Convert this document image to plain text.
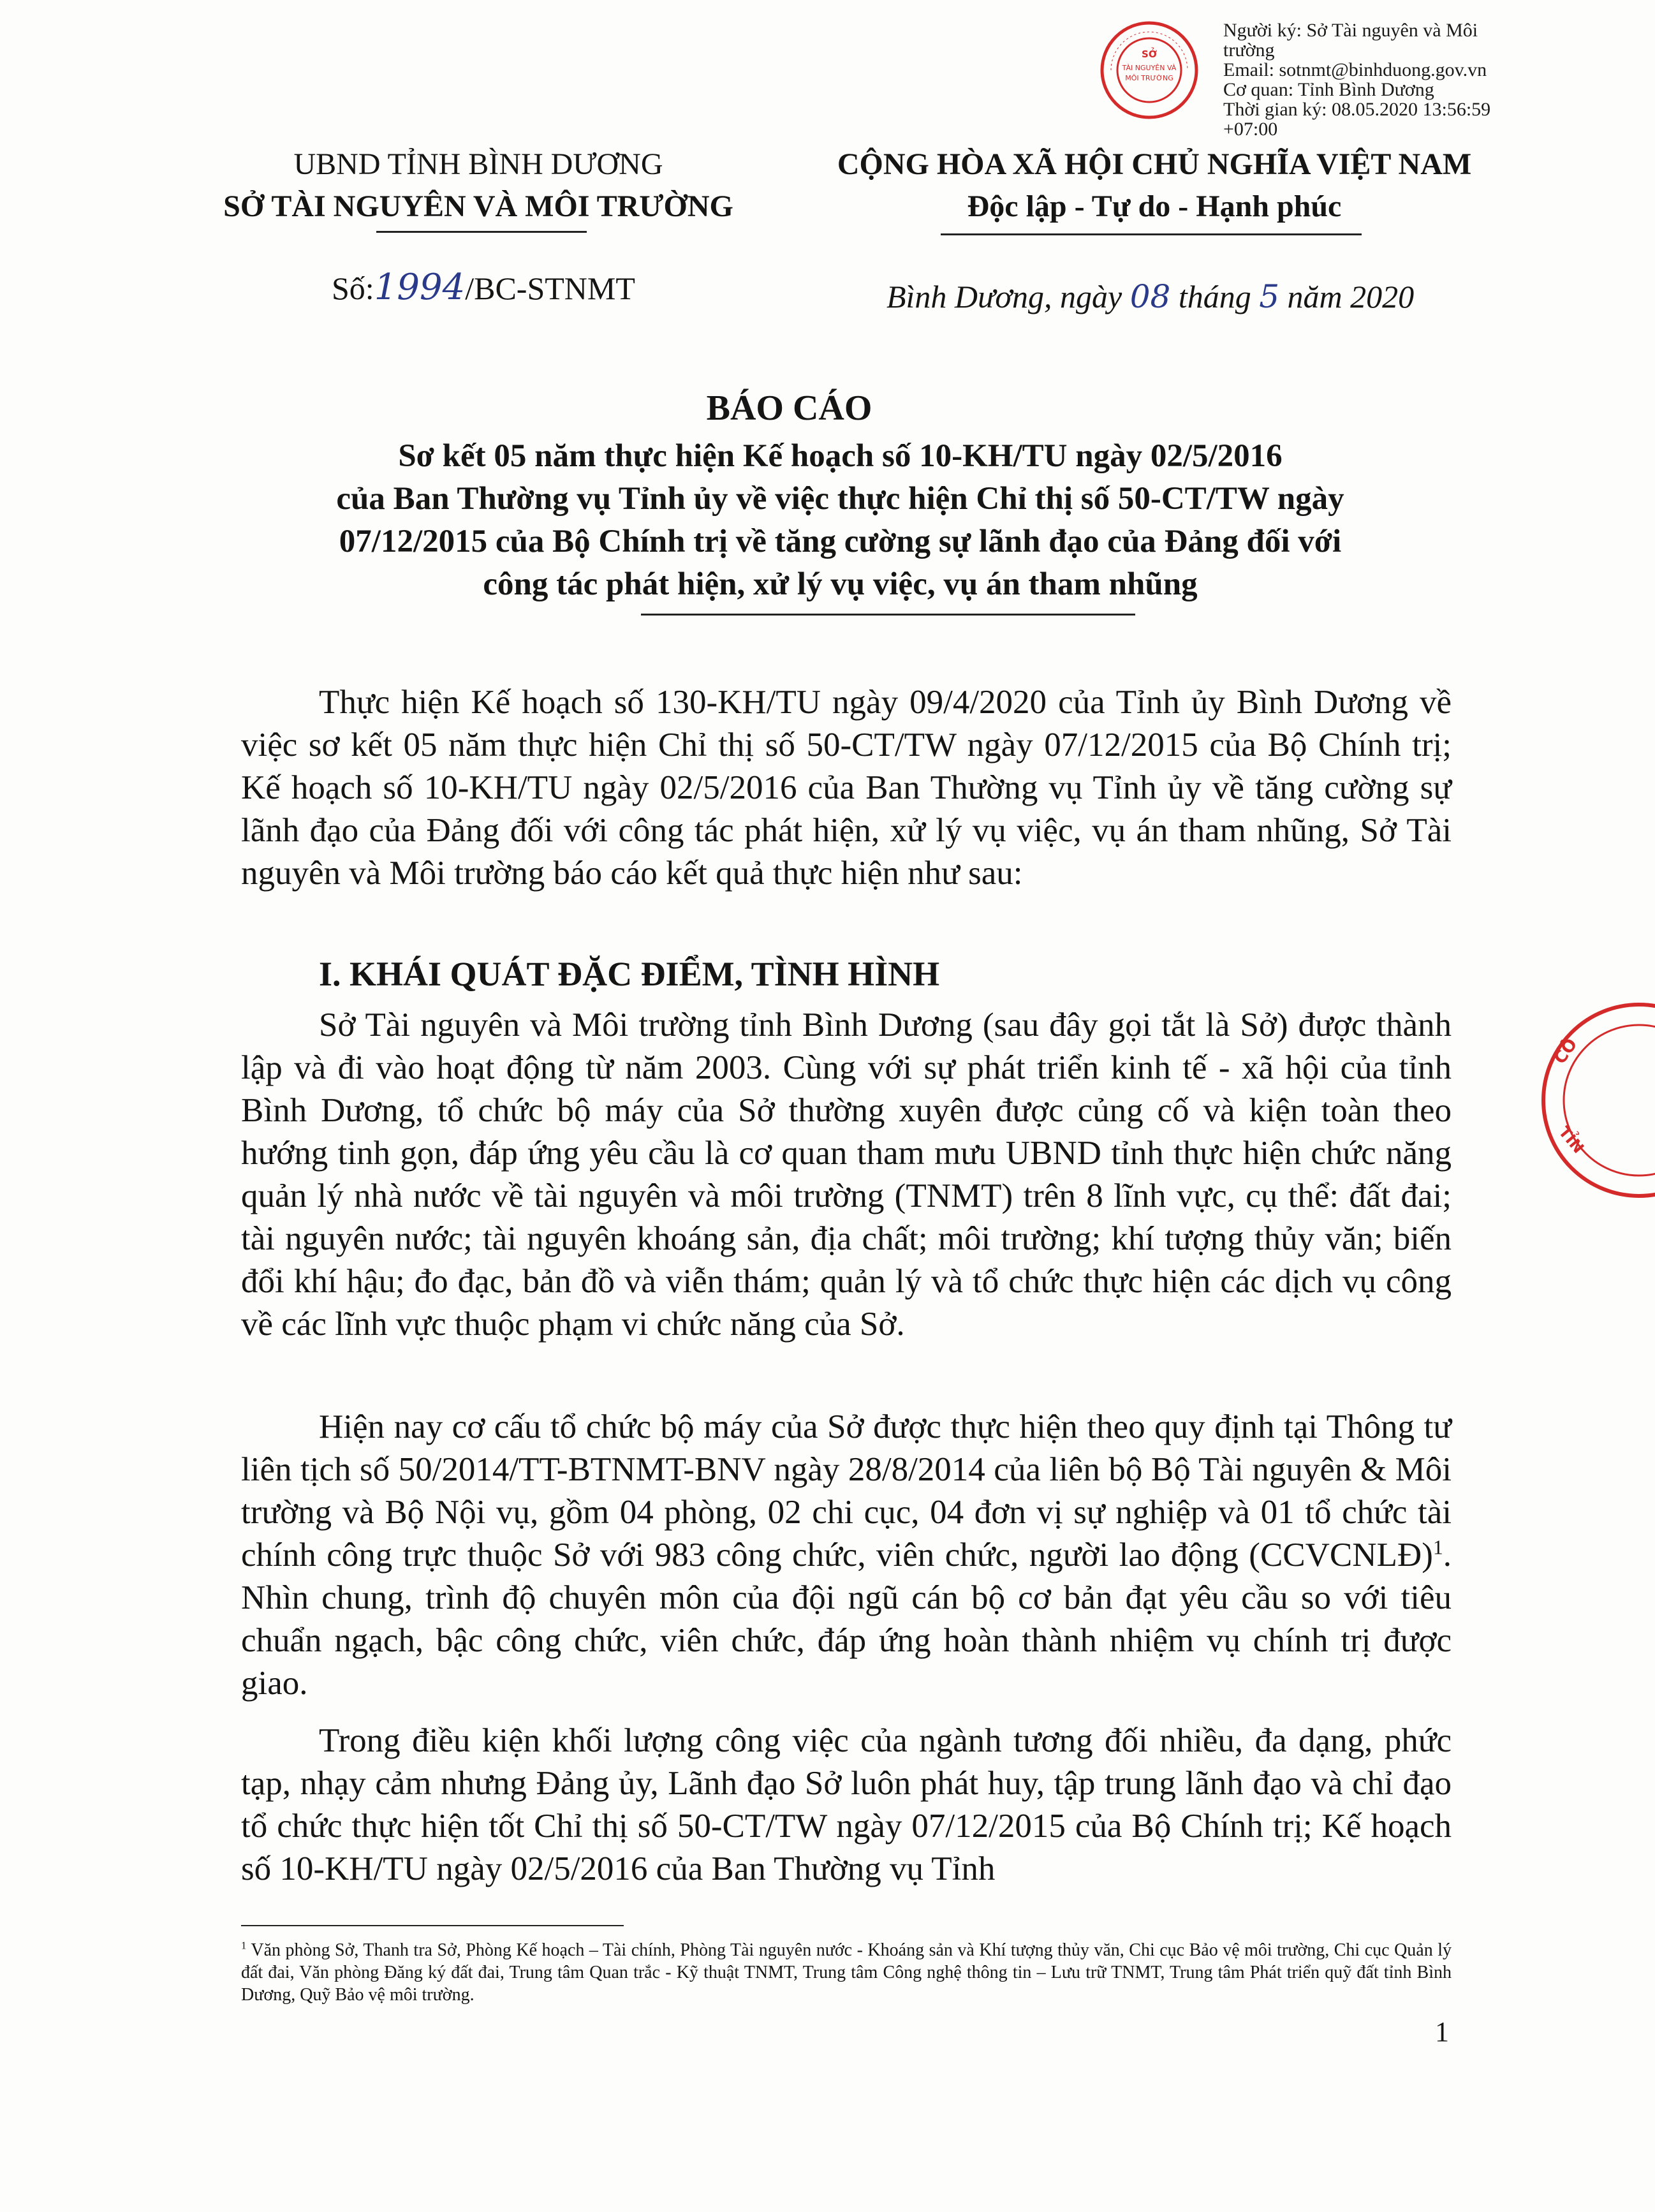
SỞ
TÀI NGUYÊN VÀ
MÔI TRƯỜNG
CÔ
TỈN
Người ký: Sở Tài nguyên và Môi
trường
Email: sotnmt@binhduong.gov.vn
Cơ quan: Tỉnh Bình Dương
Thời gian ký: 08.05.2020 13:56:59
+07:00
UBND TỈNH BÌNH DƯƠNG
SỞ TÀI NGUYÊN VÀ MÔI TRƯỜNG
CỘNG HÒA XÃ HỘI CHỦ NGHĨA VIỆT NAM
Độc lập - Tự do - Hạnh phúc
Số:1994/BC-STNMT	Bình Dương, ngày 08 tháng 5 năm 2020
BÁO CÁO
Sơ kết 05 năm thực hiện Kế hoạch số 10-KH/TU ngày 02/5/2016
của Ban Thường vụ Tỉnh ủy về việc thực hiện Chỉ thị số 50-CT/TW ngày
07/12/2015 của Bộ Chính trị về tăng cường sự lãnh đạo của Đảng đối với
công tác phát hiện, xử lý vụ việc, vụ án tham nhũng

Thực hiện Kế hoạch số 130-KH/TU ngày 09/4/2020 của Tỉnh ủy Bình Dương về việc sơ kết 05 năm thực hiện Chỉ thị số 50-CT/TW ngày 07/12/2015 của Bộ Chính trị; Kế hoạch số 10-KH/TU ngày 02/5/2016 của Ban Thường vụ Tỉnh ủy về tăng cường sự lãnh đạo của Đảng đối với công tác phát hiện, xử lý vụ việc, vụ án tham nhũng, Sở Tài nguyên và Môi trường báo cáo kết quả thực hiện như sau:

I. KHÁI QUÁT ĐẶC ĐIỂM, TÌNH HÌNH

Sở Tài nguyên và Môi trường tỉnh Bình Dương (sau đây gọi tắt là Sở) được thành lập và đi vào hoạt động từ năm 2003. Cùng với sự phát triển kinh tế - xã hội của tỉnh Bình Dương, tổ chức bộ máy của Sở thường xuyên được củng cố và kiện toàn theo hướng tinh gọn, đáp ứng yêu cầu là cơ quan tham mưu UBND tỉnh thực hiện chức năng quản lý nhà nước về tài nguyên và môi trường (TNMT) trên 8 lĩnh vực, cụ thể: đất đai; tài nguyên nước; tài nguyên khoáng sản, địa chất; môi trường; khí tượng thủy văn; biến đổi khí hậu; đo đạc, bản đồ và viễn thám; quản lý và tổ chức thực hiện các dịch vụ công về các lĩnh vực thuộc phạm vi chức năng của Sở.

Hiện nay cơ cấu tổ chức bộ máy của Sở được thực hiện theo quy định tại Thông tư liên tịch số 50/2014/TT-BTNMT-BNV ngày 28/8/2014 của liên bộ Bộ Tài nguyên & Môi trường và Bộ Nội vụ, gồm 04 phòng, 02 chi cục, 04 đơn vị sự nghiệp và 01 tổ chức tài chính công trực thuộc Sở với 983 công chức, viên chức, người lao động (CCVCNLĐ)$^1$. Nhìn chung, trình độ chuyên môn của đội ngũ cán bộ cơ bản đạt yêu cầu so với tiêu chuẩn ngạch, bậc công chức, viên chức, đáp ứng hoàn thành nhiệm vụ chính trị được giao.

Trong điều kiện khối lượng công việc của ngành tương đối nhiều, đa dạng, phức tạp, nhạy cảm nhưng Đảng ủy, Lãnh đạo Sở luôn phát huy, tập trung lãnh đạo và chỉ đạo tổ chức thực hiện tốt Chỉ thị số 50-CT/TW ngày 07/12/2015 của Bộ Chính trị; Kế hoạch số 10-KH/TU ngày 02/5/2016 của Ban Thường vụ Tỉnh

$^1$ Văn phòng Sở, Thanh tra Sở, Phòng Kế hoạch – Tài chính, Phòng Tài nguyên nước - Khoáng sản và Khí tượng thủy văn, Chi cục Bảo vệ môi trường, Chi cục Quản lý đất đai, Văn phòng Đăng ký đất đai, Trung tâm Quan trắc - Kỹ thuật TNMT, Trung tâm Công nghệ thông tin – Lưu trữ TNMT, Trung tâm Phát triển quỹ đất tỉnh Bình Dương, Quỹ Bảo vệ môi trường.
1
